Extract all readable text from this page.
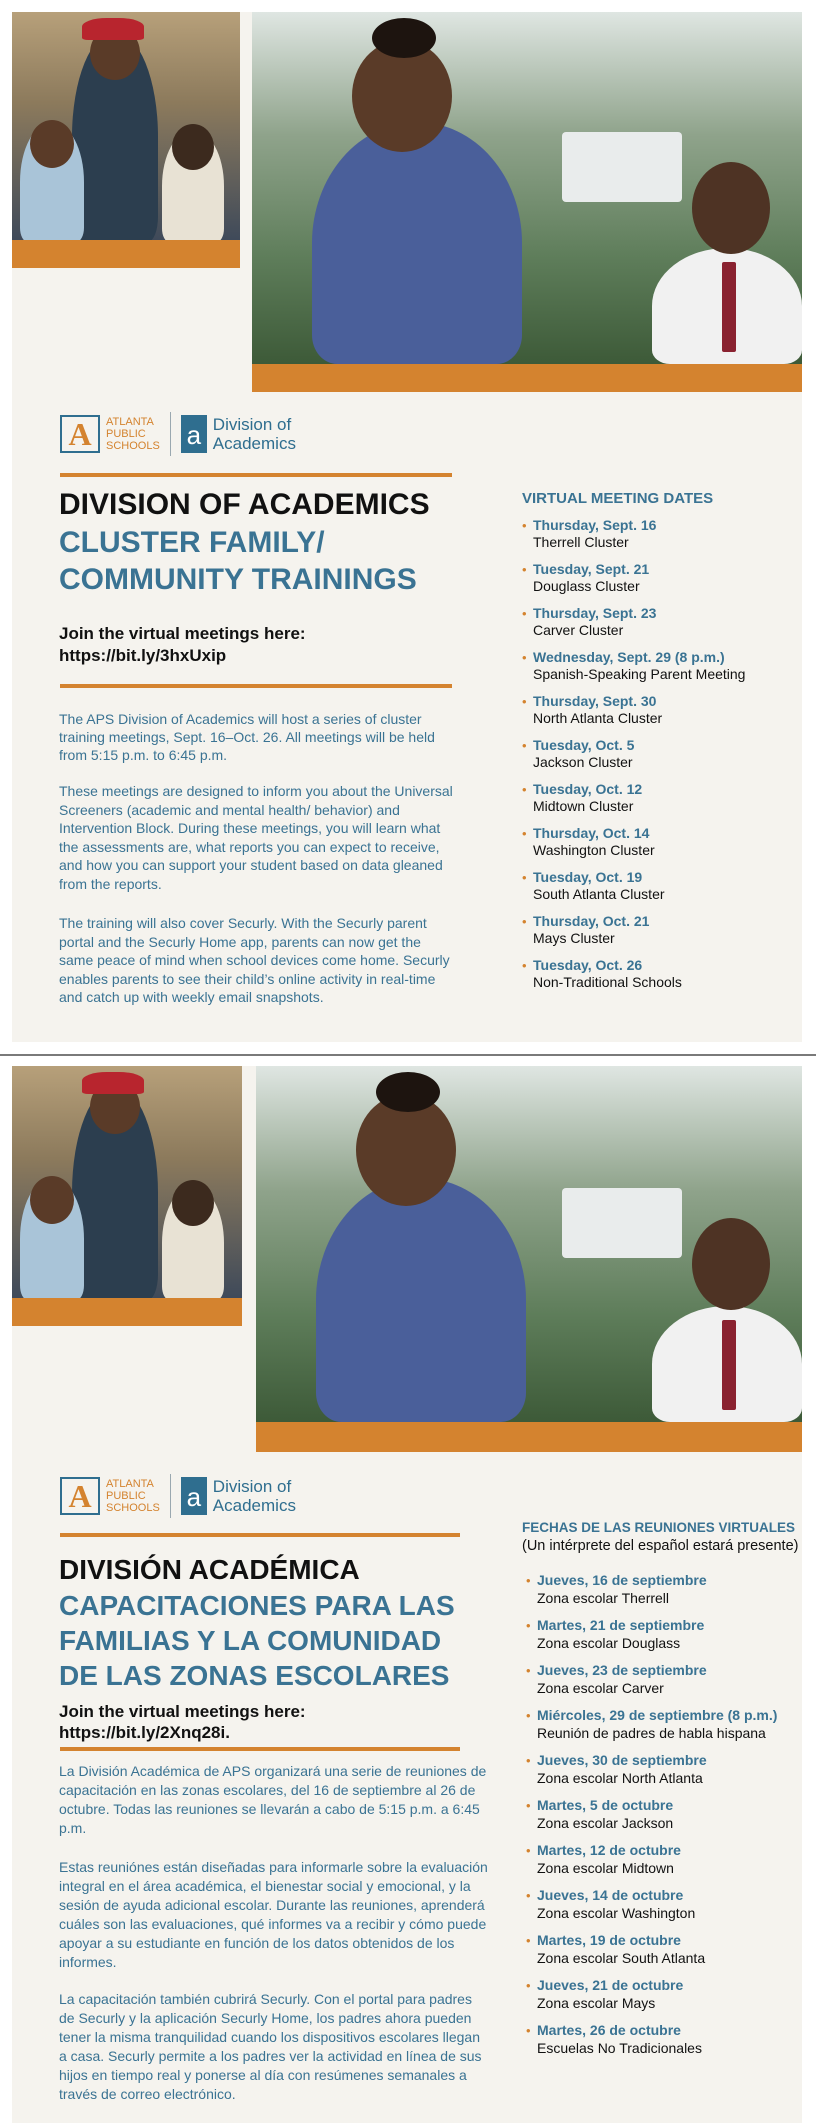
A	ATLANTA
PUBLIC
SCHOOLS a Division of
Academics
DIVISION OF ACADEMICS
CLUSTER FAMILY/
COMMUNITY TRAININGS
Join the virtual meetings here:
https://bit.ly/3hxUxip
The APS Division of Academics will host a series of cluster training meetings, Sept. 16–Oct. 26. All meetings will be held from 5:15 p.m. to 6:45 p.m.
These meetings are designed to inform you about the Universal Screeners (academic and mental health/ behavior) and Intervention Block. During these meetings, you will learn what the assessments are, what reports you can expect to receive, and how you can support your student based on data gleaned from the reports.
The training will also cover Securly. With the Securly parent portal and the Securly Home app, parents can now get the same peace of mind when school devices come home. Securly enables parents to see their child’s online activity in real-time and catch up with weekly email snapshots.
VIRTUAL MEETING DATES
• Thursday, Sept. 16
Therrell Cluster
• Tuesday, Sept. 21
Douglass Cluster
• Thursday, Sept. 23
Carver Cluster
• Wednesday, Sept. 29 (8 p.m.)
Spanish-Speaking Parent Meeting
• Thursday, Sept. 30
North Atlanta Cluster
• Tuesday, Oct. 5
Jackson Cluster
• Tuesday, Oct. 12
Midtown Cluster
• Thursday, Oct. 14
Washington Cluster
• Tuesday, Oct. 19
South Atlanta Cluster
• Thursday, Oct. 21
Mays Cluster
• Tuesday, Oct. 26
Non-Traditional Schools
A	ATLANTA
PUBLIC
SCHOOLS a Division of
Academics
DIVISIÓN ACADÉMICA
CAPACITACIONES PARA LAS
FAMILIAS Y LA COMUNIDAD
DE LAS ZONAS ESCOLARES
Join the virtual meetings here:
https://bit.ly/2Xnq28i.
La División Académica de APS organizará una serie de reuniones de capacitación en las zonas escolares, del 16 de septiembre al 26 de octubre. Todas las reuniones se llevarán a cabo de 5:15 p.m. a 6:45 p.m.
Estas reuniónes están diseñadas para informarle sobre la evaluación integral en el área académica, el bienestar social y emocional, y la sesión de ayuda adicional escolar. Durante las reuniones, aprenderá cuáles son las evaluaciones, qué informes va a recibir y cómo puede apoyar a su estudiante en función de los datos obtenidos de los informes.
La capacitación también cubrirá Securly. Con el portal para padres de Securly y la aplicación Securly Home, los padres ahora pueden tener la misma tranquilidad cuando los dispositivos escolares llegan a casa. Securly permite a los padres ver la actividad en línea de sus hijos en tiempo real y ponerse al día con resúmenes semanales a través de correo electrónico.
FECHAS DE LAS REUNIONES VIRTUALES
(Un intérprete del español estará presente)
• Jueves, 16 de septiembre
Zona escolar Therrell
• Martes, 21 de septiembre
Zona escolar Douglass
• Jueves, 23 de septiembre
Zona escolar Carver
• Miércoles, 29 de septiembre (8 p.m.)
Reunión de padres de habla hispana
• Jueves, 30 de septiembre
Zona escolar North Atlanta
• Martes, 5 de octubre
Zona escolar Jackson
• Martes, 12 de octubre
Zona escolar Midtown
• Jueves, 14 de octubre
Zona escolar Washington
• Martes, 19 de octubre
Zona escolar South Atlanta
• Jueves, 21 de octubre
Zona escolar Mays
• Martes, 26 de octubre
Escuelas No Tradicionales
